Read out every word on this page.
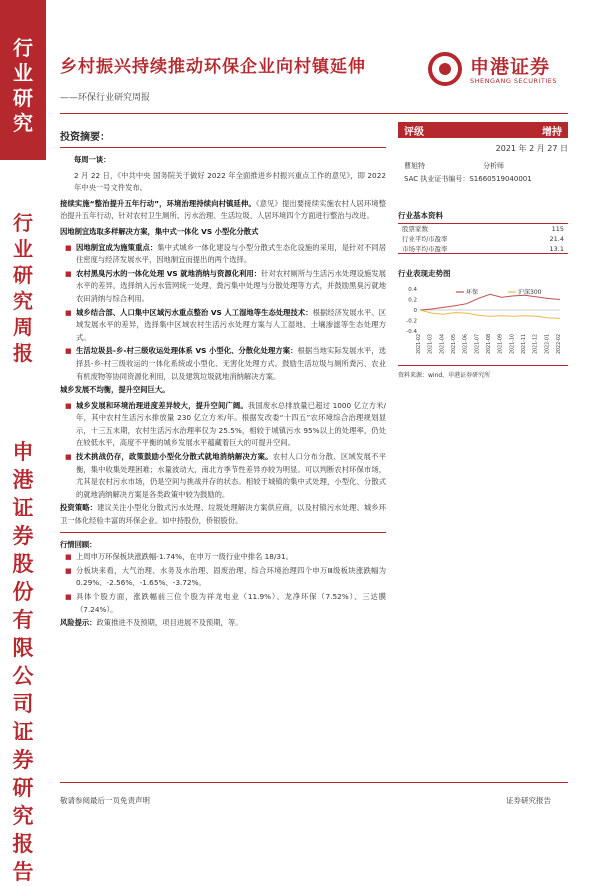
行
业
研
究
行
业
研
究
周
报
申
港
证
券
股
份
有
限
公
司
证
券
研
究
报
告
乡村振兴持续推动环保企业向村镇延伸
——环保行业研究周报
申港证券
SHENGANG SECURITIES
投资摘要：
每周一谈：
2 月 22 日，《中共中央 国务院关于做好 2022 年全面推进乡村振兴重点工作的意见》，即 2022 年中央一号文件发布。
接续实施“整治提升五年行动”，环境治理持续向村镇延伸。《意见》提出要接续实施农村人居环境整治提升五年行动，针对农村卫生厕所、污水治理、生活垃圾、人居环境四个方面进行整治与改进。
因地制宜选取多样解决方案，集中式一体化 VS 小型化分散式
■ 因地制宜成为施策重点：集中式城乡一体化建设与小型分散式生态化设施的采用，是针对不同居住密度与经济发展水平，因地制宜而提出的两个选择。
■ 农村黑臭污水的一体化处理 VS 就地消纳与资源化利用：针对农村厕所与生活污水处理设施发展水平的差异，选择纳入污水管网统一处理、粪污集中处理与分散处理等方式，并鼓励黑臭污就地农田消纳与综合利用。
■ 城乡结合部、人口集中区域污水重点整治 VS 人工湿地等生态处理技术：根据经济发展水平、区域发展水平的差异，选择集中区域农村生活污水处理方案与人工湿地、土壤渗滤等生态处理方式。
■ 生活垃圾县-乡-村三级收运处理体系 VS 小型化、分散化处理方案：根据当地实际发展水平，选择县-乡-村三级收运的一体化系统或小型化、无害化处理方式。鼓励生活垃圾与厕所粪污、农业有机废物等协同资源化利用，以及建筑垃圾就地消纳解决方案。
城乡发展不均衡，提升空间巨大。
■ 城乡发展和环境治理进度差异较大，提升空间广阔。我国废水总排放量已超过 1000 亿立方米/年，其中农村生活污水排放量 230 亿立方米/年。根据发改委“十四五”农环境综合治理规划显示，十三五末期，农村生活污水治理率仅为 25.5%，相较于城镇污水 95%以上的处理率，仍处在较低水平，高度不平衡的城乡发展水平蕴藏着巨大的可提升空间。
■ 技术挑战仍存，政策鼓励小型化分散式就地消纳解决方案。农村人口分布分散、区域发展不平衡，集中收集处理困难；水量波动大，南北方季节性差异亦较为明显。可以判断农村环保市场，尤其是农村污水市场，仍是空间与挑战并存的状态。相较于城镇的集中式处理，小型化、分散式的就地消纳解决方案是各类政策中较为鼓励的。
投资策略：建议关注小型化分散式污水处理、垃圾处理解决方案供应商，以及村镇污水处理、城乡环卫一体化经验丰富的环保企业。如中持股份，侨银股份。
行情回顾：
■ 上周申万环保板块涨跌幅-1.74%，在申万一级行业中排名 18/31。
■ 分板块来看，大气治理、水务及水治理、固废治理、综合环境治理四个申万Ⅲ级板块涨跌幅为 0.29%、-2.56%、-1.65%、-3.72%。
■ 具体个股方面，涨跌幅前三位个股为祥龙电业（11.9%）、龙净环保（7.52%）、三达膜（7.24%）。
风险提示：政策推进不及预期，项目进展不及预期，等。
评级	增持
2021 年 2 月 27 日
曹旭特	分析师
SAC 执业证书编号：S1660519040001
行业基本资料
股票家数	115
行业平均市盈率	21.4
市场平均市盈率	13.1
行业表现走势图
0.4
0.2
0
-0.2
-0.4
2021-02 2021-03 2021-04 2021-05 2021-06 2021-07 2021-08 2021-09 2021-10 2021-11 2021-12 2022-01 2022-02
环保	沪深300
资料来源：wind，申港证券研究所
敬请参阅最后一页免责声明	证券研究报告
